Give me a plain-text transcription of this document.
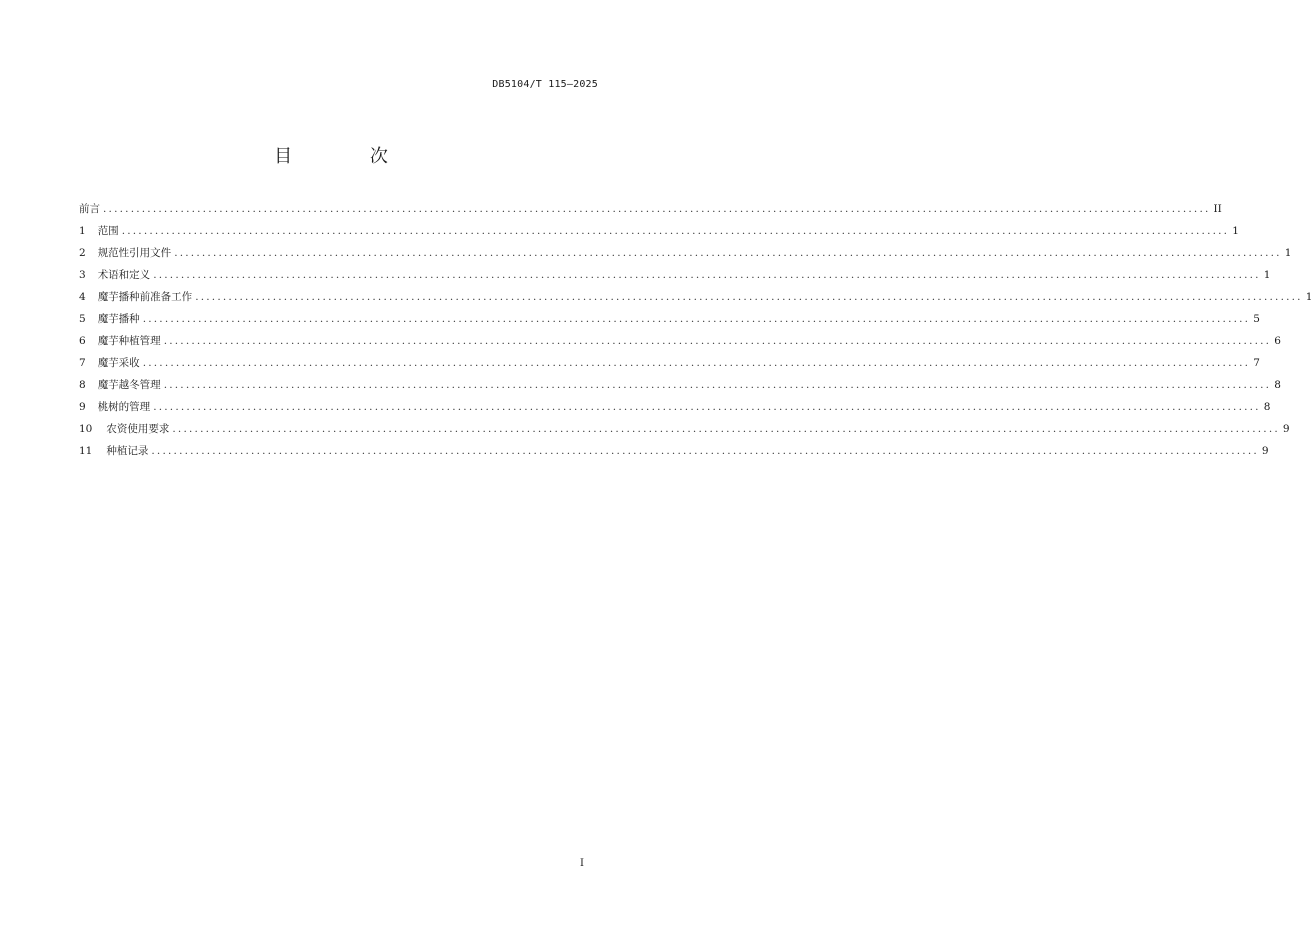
DB5104/T 115—2025
目 次
前言 ........................................................................................................................................................................................................ II
1	范围 ........................................................................................................................................................................................................ 1
2	规范性引用文件 ........................................................................................................................................................................................................ 1
3	术语和定义 ........................................................................................................................................................................................................ 1
4	魔芋播种前准备工作 ........................................................................................................................................................................................................ 1
5	魔芋播种 ........................................................................................................................................................................................................ 5
6	魔芋种植管理 ........................................................................................................................................................................................................ 6
7	魔芋采收 ........................................................................................................................................................................................................ 7
8	魔芋越冬管理 ........................................................................................................................................................................................................ 8
9	桃树的管理 ........................................................................................................................................................................................................ 8
10	农资使用要求 ........................................................................................................................................................................................................ 9
11	种植记录 ........................................................................................................................................................................................................ 9
I
